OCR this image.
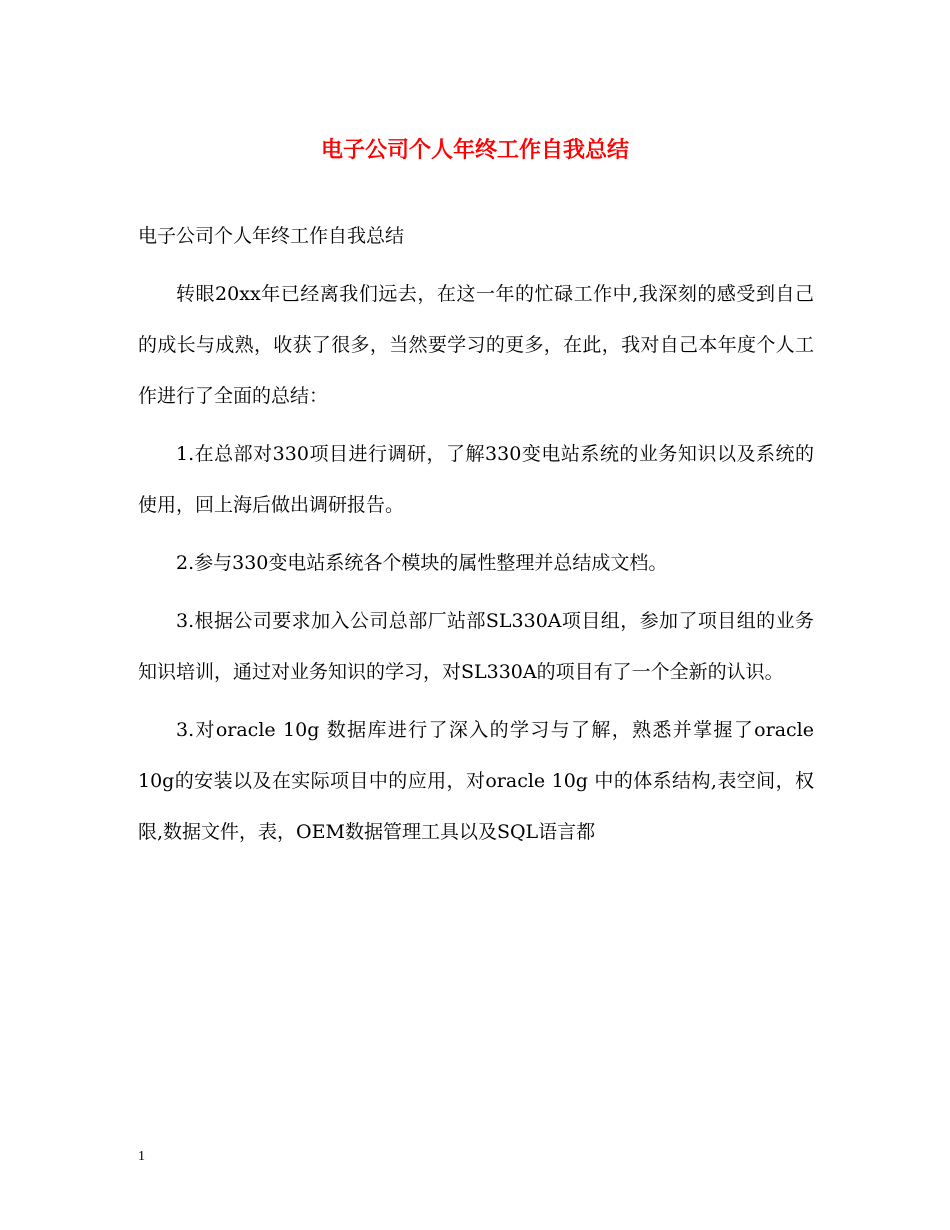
电子公司个人年终工作自我总结

电子公司个人年终工作自我总结

转眼20xx年已经离我们远去，在这一年的忙碌工作中,我深刻的感受到自己的成长与成熟，收获了很多，当然要学习的更多，在此，我对自己本年度个人工作进行了全面的总结：

1.在总部对330项目进行调研，了解330变电站系统的业务知识以及系统的使用，回上海后做出调研报告。

2.参与330变电站系统各个模块的属性整理并总结成文档。

3.根据公司要求加入公司总部厂站部SL330A项目组，参加了项目组的业务知识培训，通过对业务知识的学习，对SL330A的项目有了一个全新的认识。

3.对oracle 10g 数据库进行了深入的学习与了解，熟悉并掌握了oracle 10g的安装以及在实际项目中的应用，对oracle 10g 中的体系结构,表空间，权限,数据文件，表，OEM数据管理工具以及SQL语言都

1
